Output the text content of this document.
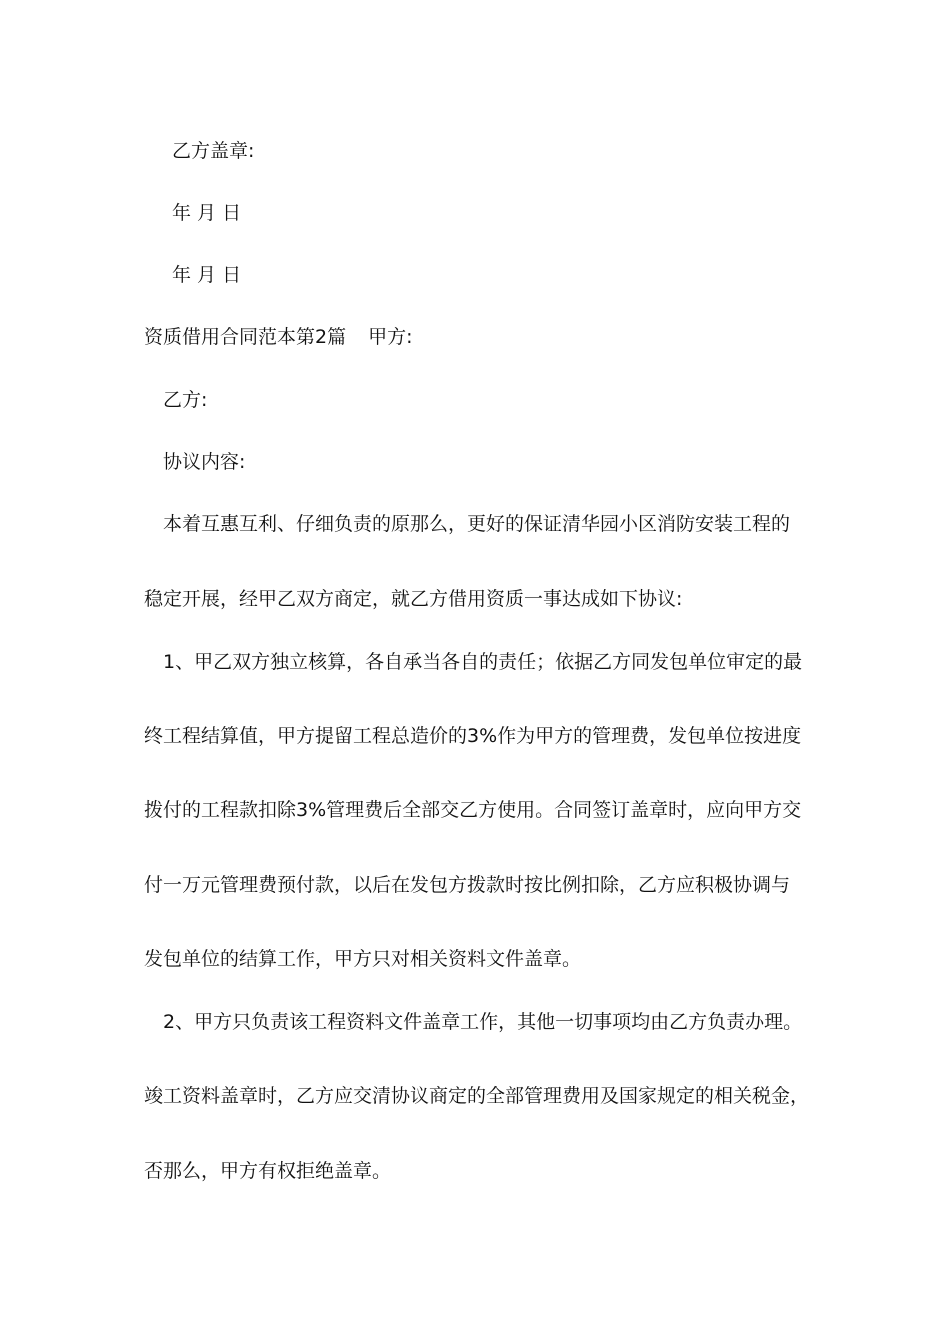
乙方盖章:
年 月 日
年 月 日
资质借用合同范本第2篇 甲方:
乙方:
协议内容:
本着互惠互利、仔细负责的原那么，更好的保证清华园小区消防安装工程的
稳定开展，经甲乙双方商定，就乙方借用资质一事达成如下协议:
1、甲乙双方独立核算，各自承当各自的责任；依据乙方同发包单位审定的最
终工程结算值，甲方提留工程总造价的3%作为甲方的管理费，发包单位按进度
拨付的工程款扣除3%管理费后全部交乙方使用。合同签订盖章时，应向甲方交
付一万元管理费预付款，以后在发包方拨款时按比例扣除，乙方应积极协调与
发包单位的结算工作，甲方只对相关资料文件盖章。
2、甲方只负责该工程资料文件盖章工作，其他一切事项均由乙方负责办理。
竣工资料盖章时，乙方应交清协议商定的全部管理费用及国家规定的相关税金，
否那么，甲方有权拒绝盖章。
